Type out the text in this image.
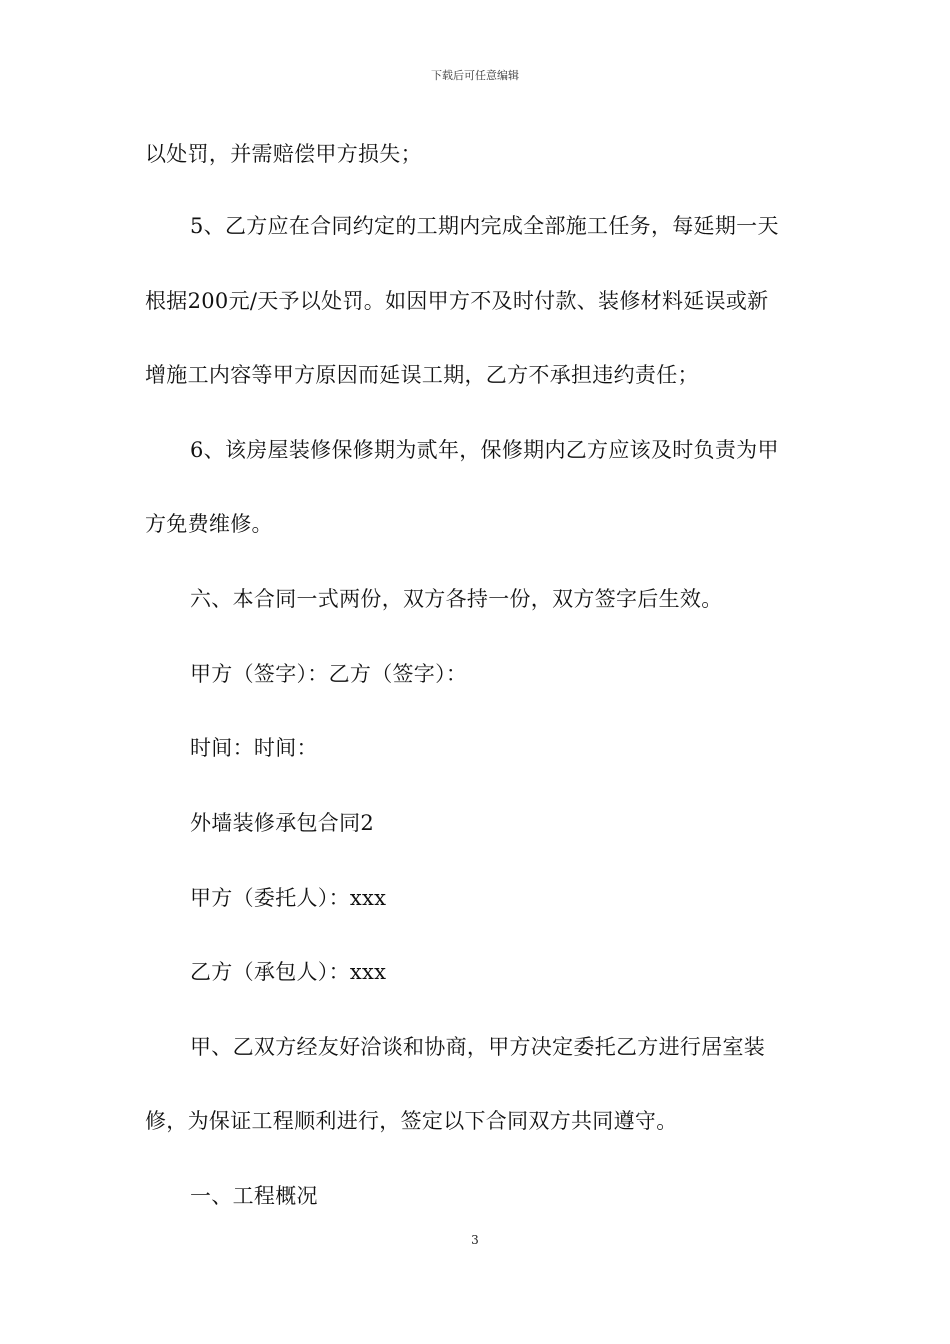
下载后可任意编辑
以处罚，并需赔偿甲方损失；
5、乙方应在合同约定的工期内完成全部施工任务，每延期一天
根据200元/天予以处罚。如因甲方不及时付款、装修材料延误或新
增施工内容等甲方原因而延误工期，乙方不承担违约责任；
6、该房屋装修保修期为贰年，保修期内乙方应该及时负责为甲
方免费维修。
六、本合同一式两份，双方各持一份，双方签字后生效。
甲方（签字）：乙方（签字）：
时间：时间：
外墙装修承包合同2
甲方（委托人）：xxx
乙方（承包人）：xxx
甲、乙双方经友好洽谈和协商，甲方决定委托乙方进行居室装
修，为保证工程顺利进行，签定以下合同双方共同遵守。
一、工程概况
3
